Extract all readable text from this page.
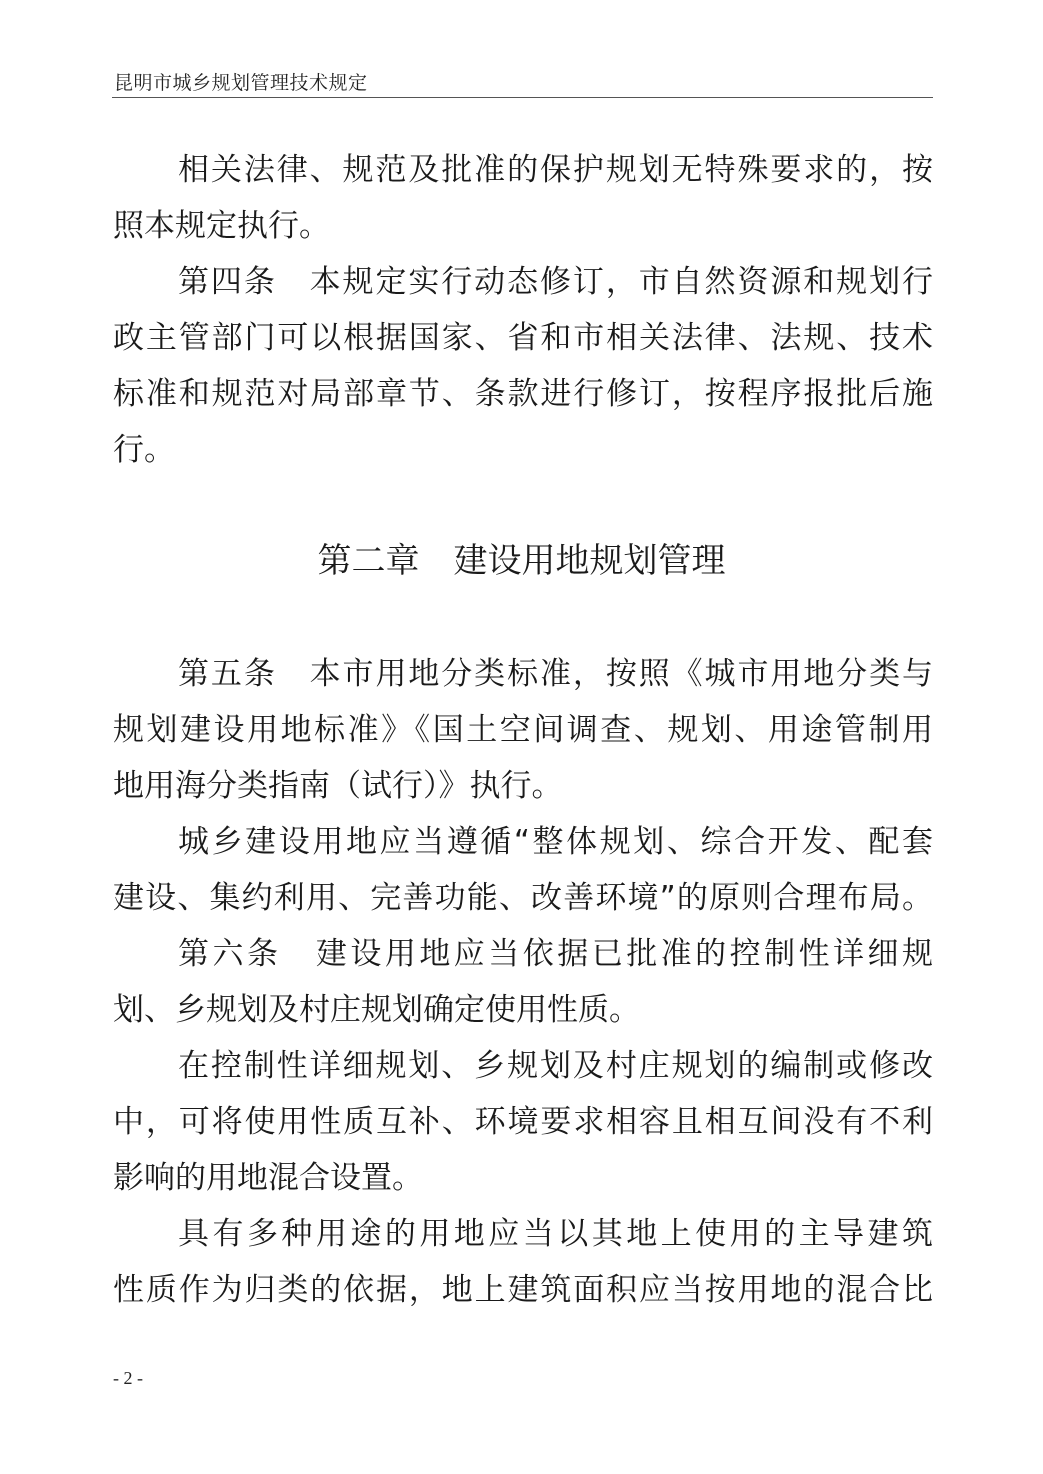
昆明市城乡规划管理技术规定
相关法律、规范及批准的保护规划无特殊要求的，按
照本规定执行。
第四条　本规定实行动态修订，市自然资源和规划行
政主管部门可以根据国家、省和市相关法律、法规、技术
标准和规范对局部章节、条款进行修订，按程序报批后施
行。
第二章　建设用地规划管理
第五条　本市用地分类标准，按照《城市用地分类与
规划建设用地标准》《国土空间调查、规划、用途管制用
地用海分类指南（试行）》执行。
城乡建设用地应当遵循“整体规划、综合开发、配套
建设、集约利用、完善功能、改善环境”的原则合理布局。
第六条　建设用地应当依据已批准的控制性详细规
划、乡规划及村庄规划确定使用性质。
在控制性详细规划、乡规划及村庄规划的编制或修改
中，可将使用性质互补、环境要求相容且相互间没有不利
影响的用地混合设置。
具有多种用途的用地应当以其地上使用的主导建筑
性质作为归类的依据，地上建筑面积应当按用地的混合比
- 2 -
